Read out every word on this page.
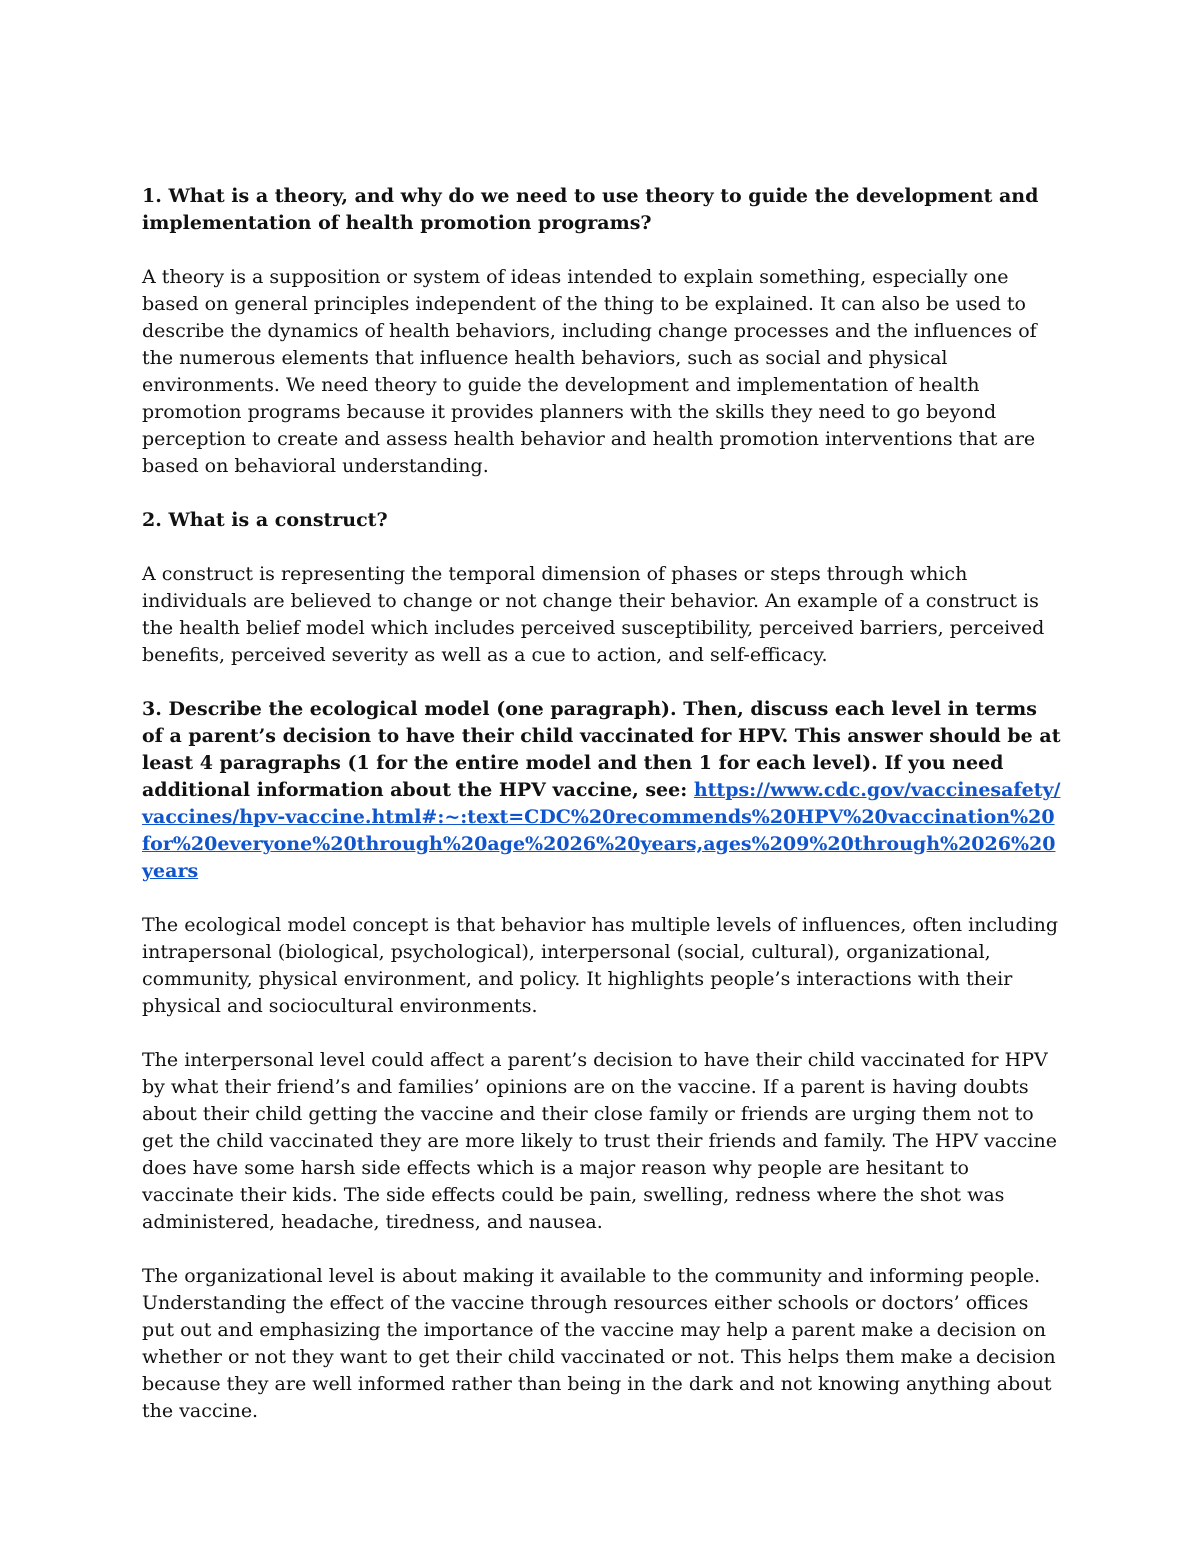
1. What is a theory, and why do we need to use theory to guide the development and implementation of health promotion programs?
A theory is a supposition or system of ideas intended to explain something, especially one based on general principles independent of the thing to be explained. It can also be used to describe the dynamics of health behaviors, including change processes and the influences of the numerous elements that influence health behaviors, such as social and physical environments. We need theory to guide the development and implementation of health promotion programs because it provides planners with the skills they need to go beyond perception to create and assess health behavior and health promotion interventions that are based on behavioral understanding.
2. What is a construct?
A construct is representing the temporal dimension of phases or steps through which individuals are believed to change or not change their behavior. An example of a construct is the health belief model which includes perceived susceptibility, perceived barriers, perceived benefits, perceived severity as well as a cue to action, and self-efficacy.
3. Describe the ecological model (one paragraph). Then, discuss each level in terms of a parent’s decision to have their child vaccinated for HPV. This answer should be at least 4 paragraphs (1 for the entire model and then 1 for each level). If you need additional information about the HPV vaccine, see: https://www.cdc.gov/vaccinesafety/vaccines/hpv-vaccine.html#:~:text=CDC%20recommends%20HPV%20vaccination%20for%20everyone%20through%20age%2026%20years,ages%209%20through%2026%20years
The ecological model concept is that behavior has multiple levels of influences, often including intrapersonal (biological, psychological), interpersonal (social, cultural), organizational, community, physical environment, and policy. It highlights people’s interactions with their physical and sociocultural environments.
The interpersonal level could affect a parent’s decision to have their child vaccinated for HPV by what their friend’s and families’ opinions are on the vaccine. If a parent is having doubts about their child getting the vaccine and their close family or friends are urging them not to get the child vaccinated they are more likely to trust their friends and family. The HPV vaccine does have some harsh side effects which is a major reason why people are hesitant to vaccinate their kids. The side effects could be pain, swelling, redness where the shot was administered, headache, tiredness, and nausea.
The organizational level is about making it available to the community and informing people. Understanding the effect of the vaccine through resources either schools or doctors’ offices put out and emphasizing the importance of the vaccine may help a parent make a decision on whether or not they want to get their child vaccinated or not. This helps them make a decision because they are well informed rather than being in the dark and not knowing anything about the vaccine.
